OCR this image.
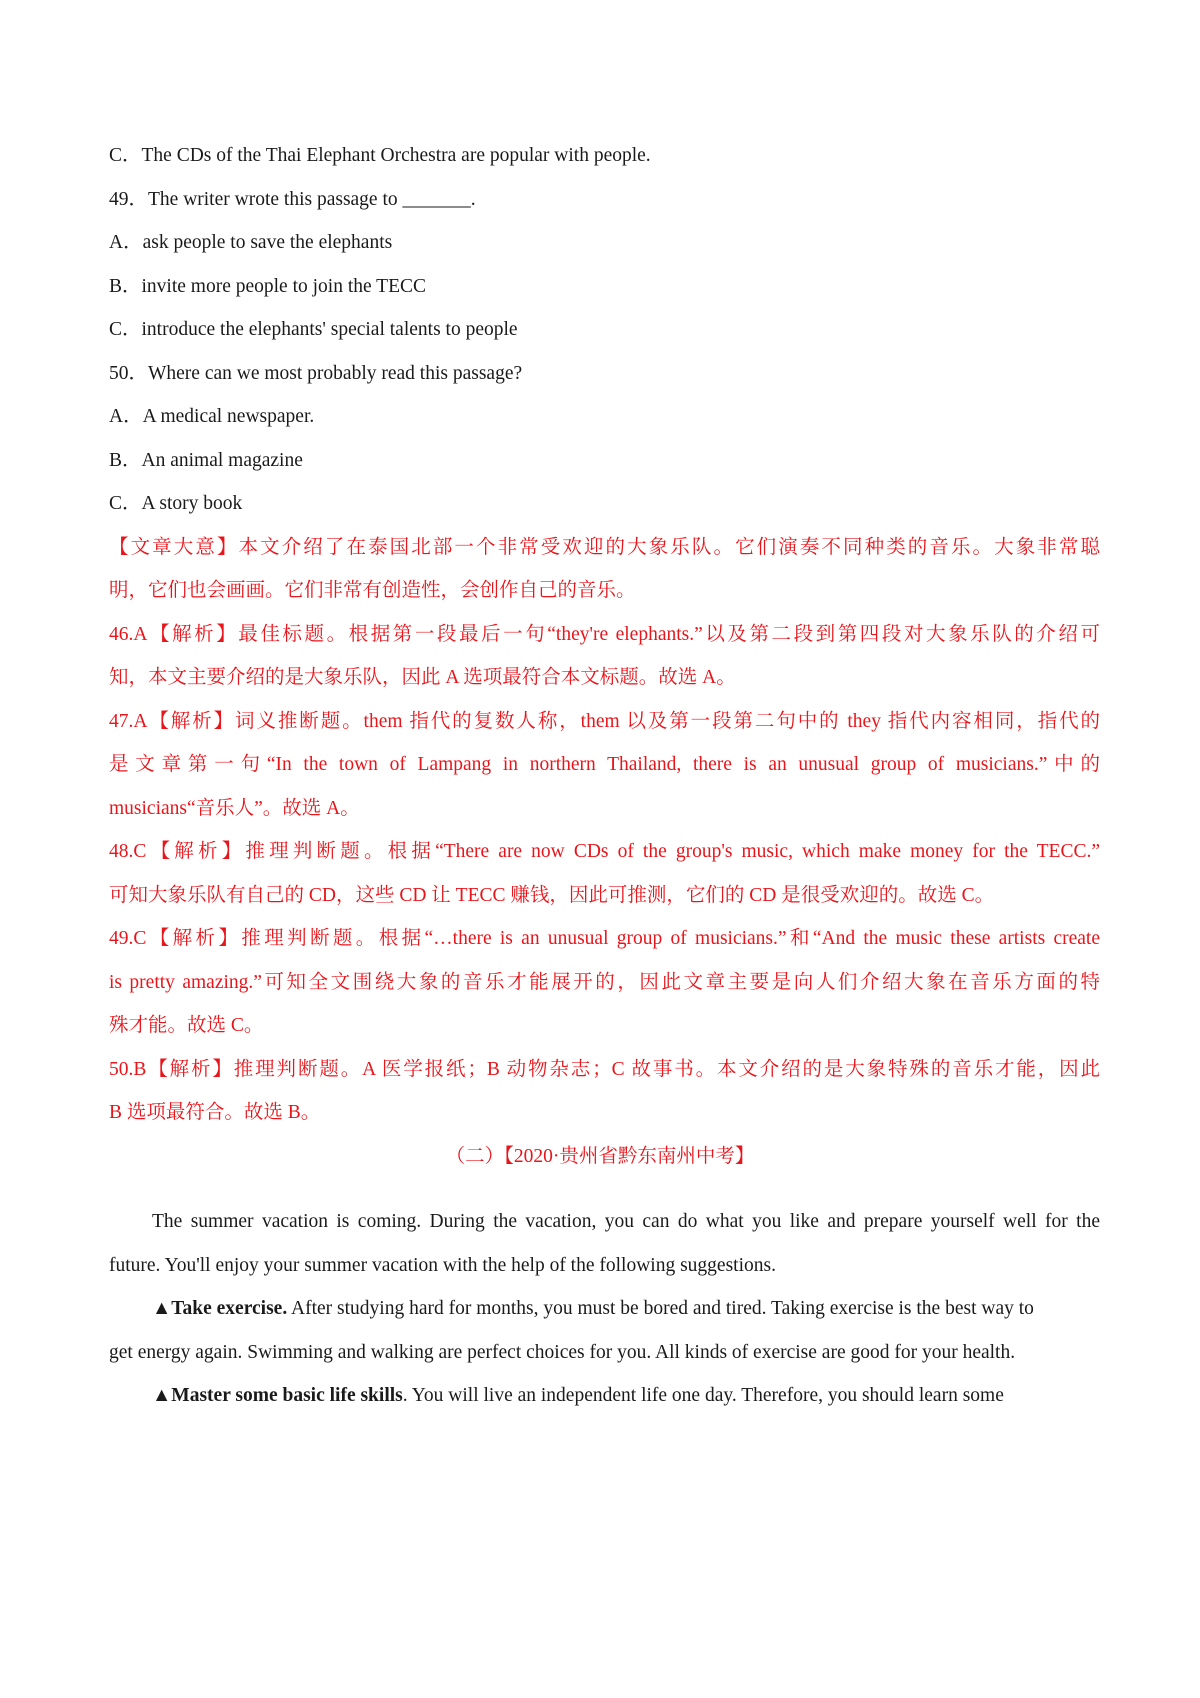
C．The CDs of the Thai Elephant Orchestra are popular with people.
49．The writer wrote this passage to _______.
A．ask people to save the elephants
B．invite more people to join the TECC
C．introduce the elephants' special talents to people
50．Where can we most probably read this passage?
A．A medical newspaper.
B．An animal magazine
C．A story book
【文章大意】本文介绍了在泰国北部一个非常受欢迎的大象乐队。它们演奏不同种类的音乐。大象非常聪
明，它们也会画画。它们非常有创造性，会创作自己的音乐。
46.A【解析】最佳标题。根据第一段最后一句“they're elephants.”以及第二段到第四段对大象乐队的介绍可
知，本文主要介绍的是大象乐队，因此 A 选项最符合本文标题。故选 A。
47.A【解析】词义推断题。them 指代的复数人称，them 以及第一段第二句中的 they 指代内容相同，指代的
是文章第一句“In the town of Lampang in northern Thailand, there is an unusual group of musicians.”中的
musicians“音乐人”。故选 A。
48.C【解析】推理判断题。根据“There are now CDs of the group's music, which make money for the TECC.”
可知大象乐队有自己的 CD，这些 CD 让 TECC 赚钱，因此可推测，它们的 CD 是很受欢迎的。故选 C。
49.C【解析】推理判断题。根据“…there is an unusual group of musicians.”和“And the music these artists create
is pretty amazing.”可知全文围绕大象的音乐才能展开的，因此文章主要是向人们介绍大象在音乐方面的特
殊才能。故选 C。
50.B【解析】推理判断题。A 医学报纸；B 动物杂志；C 故事书。本文介绍的是大象特殊的音乐才能，因此
B 选项最符合。故选 B。
（二）【2020·贵州省黔东南州中考】
The summer vacation is coming. During the vacation, you can do what you like and prepare yourself well for the
future. You'll enjoy your summer vacation with the help of the following suggestions.
▲Take exercise. After studying hard for months, you must be bored and tired. Taking exercise is the best way to
get energy again. Swimming and walking are perfect choices for you. All kinds of exercise are good for your health.
▲Master some basic life skills. You will live an independent life one day. Therefore, you should learn some
